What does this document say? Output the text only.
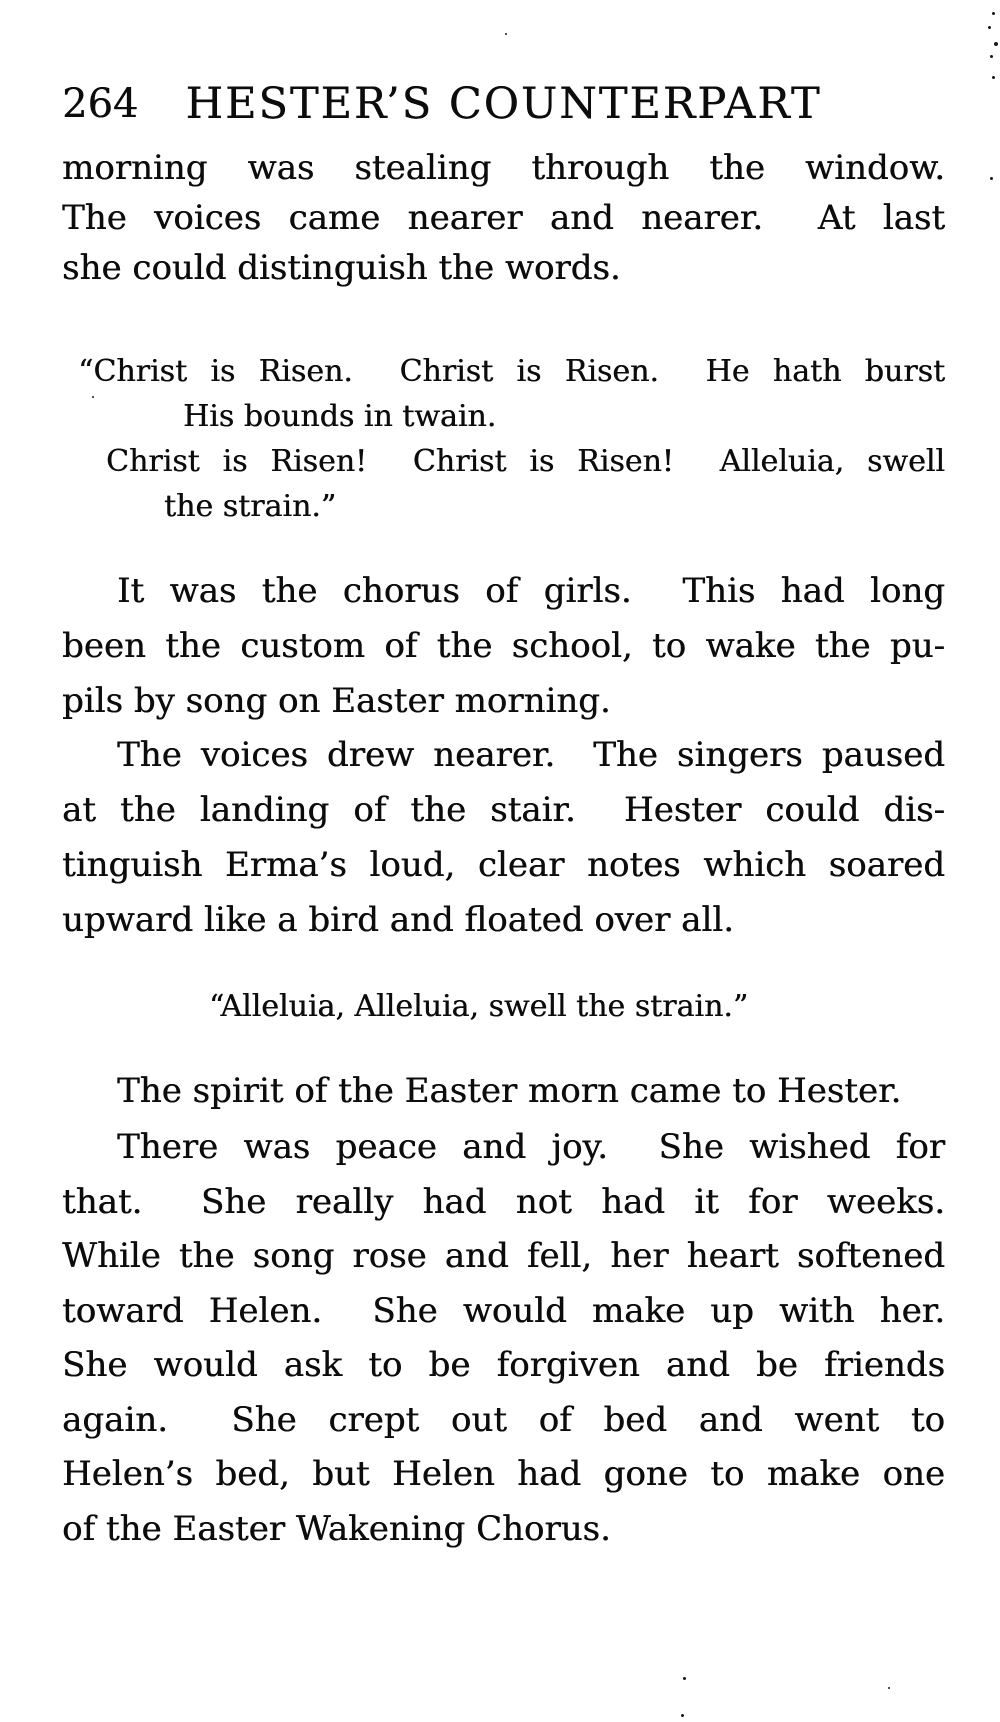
264	HESTER’S COUNTERPART
morning was stealing through the window.
The voices came nearer and nearer.  At last
she could distinguish the words.
“Christ is Risen.  Christ is Risen.  He hath burst
His bounds in twain.
Christ is Risen!  Christ is Risen!  Alleluia, swell
the strain.”
It was the chorus of girls.  This had long
been the custom of the school, to wake the pu-
pils by song on Easter morning.
The voices drew nearer.  The singers paused
at the landing of the stair.  Hester could dis-
tinguish Erma’s loud, clear notes which soared
upward like a bird and floated over all.
“Alleluia, Alleluia, swell the strain.”
The spirit of the Easter morn came to Hester.
There was peace and joy.  She wished for
that.  She really had not had it for weeks.
While the song rose and fell, her heart softened
toward Helen.  She would make up with her.
She would ask to be forgiven and be friends
again.  She crept out of bed and went to
Helen’s bed, but Helen had gone to make one
of the Easter Wakening Chorus.
